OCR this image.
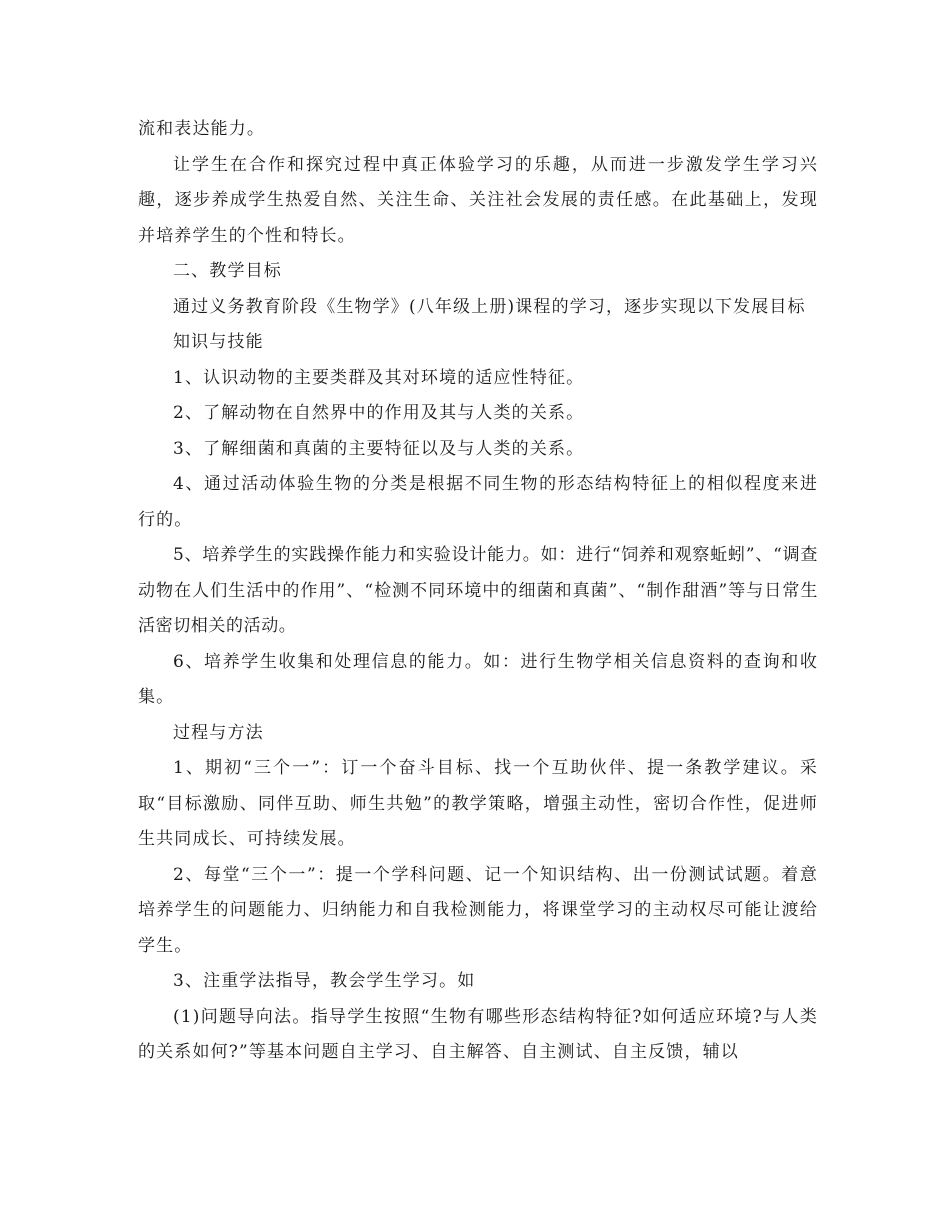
流和表达能力。

让学生在合作和探究过程中真正体验学习的乐趣，从而进一步激发学生学习兴趣，逐步养成学生热爱自然、关注生命、关注社会发展的责任感。在此基础上，发现并培养学生的个性和特长。

二、教学目标

通过义务教育阶段《生物学》(八年级上册)课程的学习，逐步实现以下发展目标

知识与技能

1、认识动物的主要类群及其对环境的适应性特征。

2、了解动物在自然界中的作用及其与人类的关系。

3、了解细菌和真菌的主要特征以及与人类的关系。

4、通过活动体验生物的分类是根据不同生物的形态结构特征上的相似程度来进行的。

5、培养学生的实践操作能力和实验设计能力。如：进行“饲养和观察蚯蚓”、“调查动物在人们生活中的作用”、“检测不同环境中的细菌和真菌”、“制作甜酒”等与日常生活密切相关的活动。

6、培养学生收集和处理信息的能力。如：进行生物学相关信息资料的查询和收集。

过程与方法

1、期初“三个一”：订一个奋斗目标、找一个互助伙伴、提一条教学建议。采取“目标激励、同伴互助、师生共勉”的教学策略，增强主动性，密切合作性，促进师生共同成长、可持续发展。

2、每堂“三个一”：提一个学科问题、记一个知识结构、出一份测试试题。着意培养学生的问题能力、归纳能力和自我检测能力，将课堂学习的主动权尽可能让渡给学生。

3、注重学法指导，教会学生学习。如

(1)问题导向法。指导学生按照“生物有哪些形态结构特征?如何适应环境?与人类的关系如何?”等基本问题自主学习、自主解答、自主测试、自主反馈，辅以
